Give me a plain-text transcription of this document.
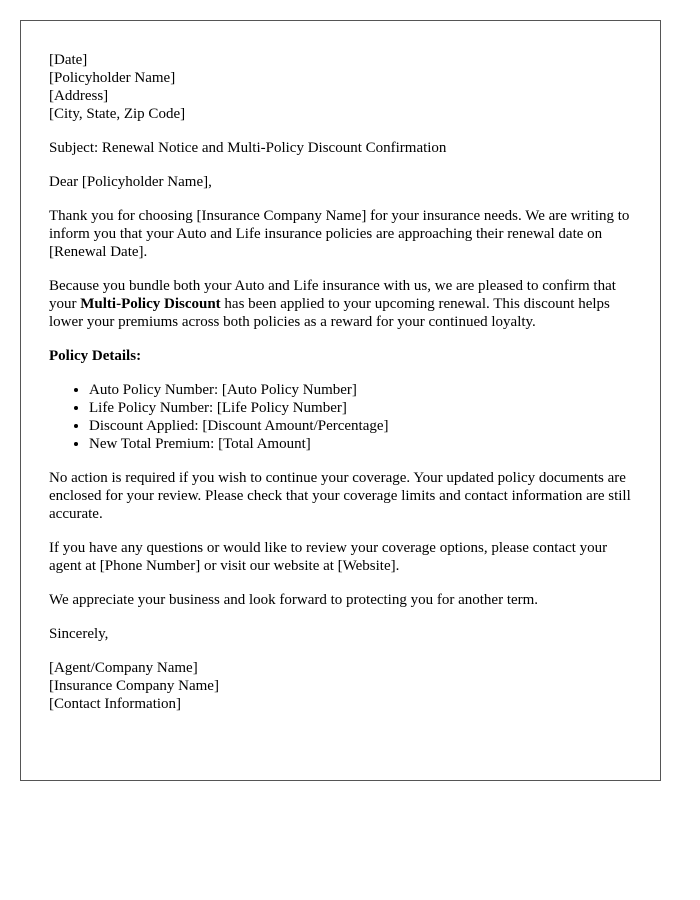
[Date]
[Policyholder Name]
[Address]
[City, State, Zip Code]

Subject: Renewal Notice and Multi-Policy Discount Confirmation

Dear [Policyholder Name],

Thank you for choosing [Insurance Company Name] for your insurance needs. We are writing to inform you that your Auto and Life insurance policies are approaching their renewal date on [Renewal Date].

Because you bundle both your Auto and Life insurance with us, we are pleased to confirm that your Multi-Policy Discount has been applied to your upcoming renewal. This discount helps lower your premiums across both policies as a reward for your continued loyalty.

Policy Details:

• Auto Policy Number: [Auto Policy Number]
• Life Policy Number: [Life Policy Number]
• Discount Applied: [Discount Amount/Percentage]
• New Total Premium: [Total Amount]

No action is required if you wish to continue your coverage. Your updated policy documents are enclosed for your review. Please check that your coverage limits and contact information are still accurate.

If you have any questions or would like to review your coverage options, please contact your agent at [Phone Number] or visit our website at [Website].

We appreciate your business and look forward to protecting you for another term.

Sincerely,

[Agent/Company Name]
[Insurance Company Name]
[Contact Information]
